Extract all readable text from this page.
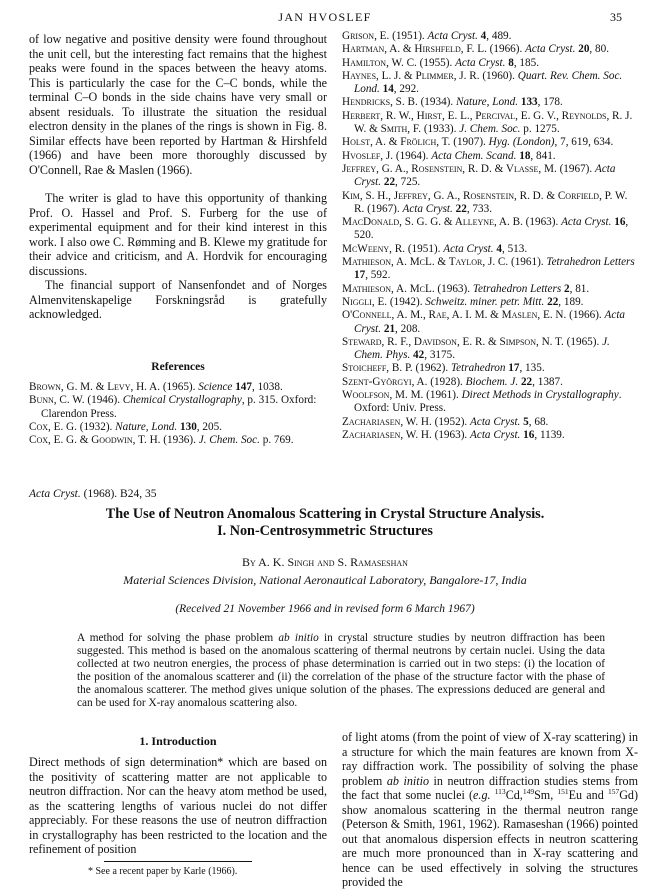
JAN HVOSLEF	35

of low negative and positive density were found throughout the unit cell, but the interesting fact remains that the highest peaks were found in the spaces between the heavy atoms. This is particularly the case for the C–C bonds, while the terminal C–O bonds in the side chains have very small or absent residuals. To illustrate the situation the residual electron density in the planes of the rings is shown in Fig. 8. Similar effects have been reported by Hartman & Hirshfeld (1966) and have been more thoroughly discussed by O'Connell, Rae & Maslen (1966).

The writer is glad to have this opportunity of thanking Prof. O. Hassel and Prof. S. Furberg for the use of experimental equipment and for their kind interest in this work. I also owe C. Rømming and B. Klewe my gratitude for their advice and criticism, and A. Hordvik for encouraging discussions.

The financial support of Nansenfondet and of Norges Almenvitenskapelige Forskningsråd is gratefully acknowledged.

References

Brown, G. M. & Levy, H. A. (1965). Science 147, 1038.

Bunn, C. W. (1946). Chemical Crystallography, p. 315. Oxford: Clarendon Press.

Cox, E. G. (1932). Nature, Lond. 130, 205.

Cox, E. G. & Goodwin, T. H. (1936). J. Chem. Soc. p. 769.

Grison, E. (1951). Acta Cryst. 4, 489.

Hartman, A. & Hirshfeld, F. L. (1966). Acta Cryst. 20, 80.

Hamilton, W. C. (1955). Acta Cryst. 8, 185.

Haynes, L. J. & Plimmer, J. R. (1960). Quart. Rev. Chem. Soc. Lond. 14, 292.

Hendricks, S. B. (1934). Nature, Lond. 133, 178.

Herbert, R. W., Hirst, E. L., Percival, E. G. V., Reynolds, R. J. W. & Smith, F. (1933). J. Chem. Soc. p. 1275.

Holst, A. & Frölich, T. (1907). Hyg. (London), 7, 619, 634.

Hvoslef, J. (1964). Acta Chem. Scand. 18, 841.

Jeffrey, G. A., Rosenstein, R. D. & Vlasse, M. (1967). Acta Cryst. 22, 725.

Kim, S. H., Jeffrey, G. A., Rosenstein, R. D. & Corfield, P. W. R. (1967). Acta Cryst. 22, 733.

MacDonald, S. G. G. & Alleyne, A. B. (1963). Acta Cryst. 16, 520.

McWeeny, R. (1951). Acta Cryst. 4, 513.

Mathieson, A. McL. & Taylor, J. C. (1961). Tetrahedron Letters 17, 592.

Mathieson, A. McL. (1963). Tetrahedron Letters 2, 81.

Niggli, E. (1942). Schweitz. miner. petr. Mitt. 22, 189.

O'Connell, A. M., Rae, A. I. M. & Maslen, E. N. (1966). Acta Cryst. 21, 208.

Steward, R. F., Davidson, E. R. & Simpson, N. T. (1965). J. Chem. Phys. 42, 3175.

Stoicheff, B. P. (1962). Tetrahedron 17, 135.

Szent-Györgyi, A. (1928). Biochem. J. 22, 1387.

Woolfson, M. M. (1961). Direct Methods in Crystallography. Oxford: Univ. Press.

Zachariasen, W. H. (1952). Acta Cryst. 5, 68.

Zachariasen, W. H. (1963). Acta Cryst. 16, 1139.

Acta Cryst. (1968). B24, 35
The Use of Neutron Anomalous Scattering in Crystal Structure Analysis.
I. Non-Centrosymmetric Structures
By A. K. Singh and S. Ramaseshan
Material Sciences Division, National Aeronautical Laboratory, Bangalore-17, India
(Received 21 November 1966 and in revised form 6 March 1967)
A method for solving the phase problem ab initio in crystal structure studies by neutron diffraction has been suggested. This method is based on the anomalous scattering of thermal neutrons by certain nuclei. Using the data collected at two neutron energies, the process of phase determination is carried out in two steps: (i) the location of the position of the anomalous scatterer and (ii) the correlation of the phase of the structure factor with the phase of the anomalous scatterer. The method gives unique solution of the phases. The expressions deduced are general and can be used for X-ray anomalous scattering also.
1. Introduction

Direct methods of sign determination* which are based on the positivity of scattering matter are not applicable to neutron diffraction. Nor can the heavy atom method be used, as the scattering lengths of various nuclei do not differ appreciably. For these reasons the use of neutron diffraction in crystallography has been restricted to the location and the refinement of position

of light atoms (from the point of view of X-ray scattering) in a structure for which the main features are known from X-ray diffraction work. The possibility of solving the phase problem ab initio in neutron diffraction studies stems from the fact that some nuclei (e.g. $^{113}$Cd,$^{149}$Sm, $^{151}$Eu and $^{157}$Gd) show anomalous scattering in the thermal neutron range (Peterson & Smith, 1961, 1962). Ramaseshan (1966) pointed out that anomalous dispersion effects in neutron scattering are much more pronounced than in X-ray scattering and hence can be used effectively in solving the structures provided the

* See a recent paper by Karle (1966).
